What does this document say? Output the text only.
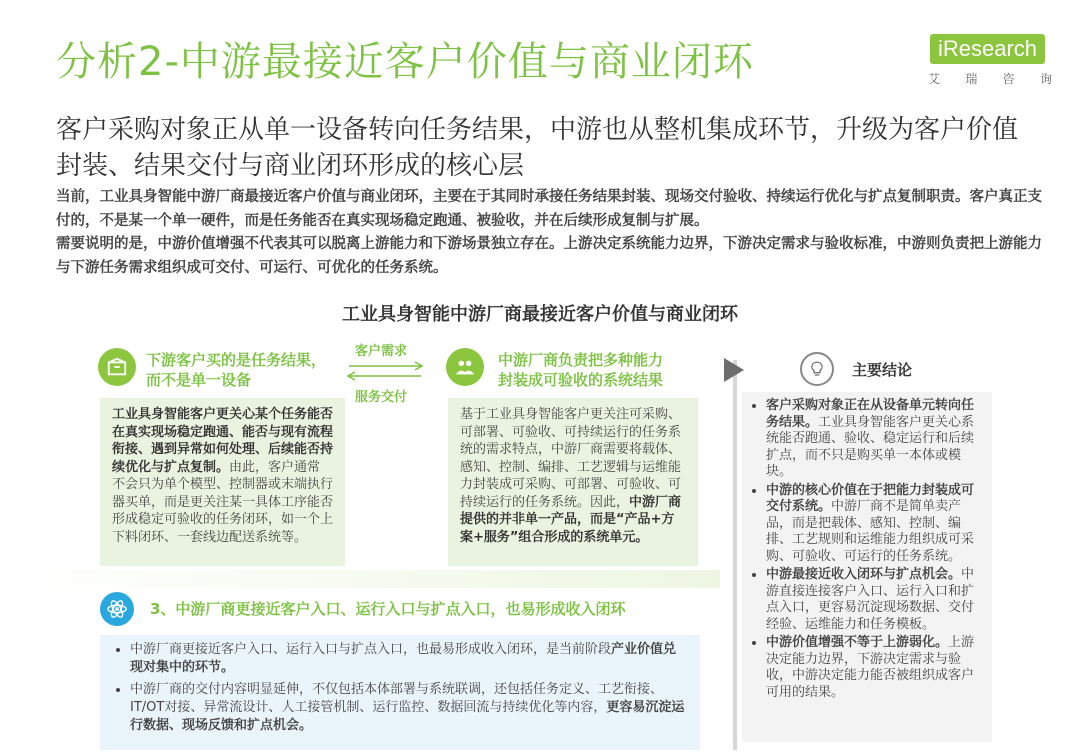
分析2-中游最接近客户价值与商业闭环	iResearch
艾 瑞 咨 询
客户采购对象正从单一设备转向任务结果，中游也从整机集成环节，升级为客户价值封装、结果交付与商业闭环形成的核心层

当前，工业具身智能中游厂商最接近客户价值与商业闭环，主要在于其同时承接任务结果封装、现场交付验收、持续运行优化与扩点复制职责。客户真正支付的，不是某一个单一硬件，而是任务能否在真实现场稳定跑通、被验收，并在后续形成复制与扩展。

需要说明的是，中游价值增强不代表其可以脱离上游能力和下游场景独立存在。上游决定系统能力边界，下游决定需求与验收标准，中游则负责把上游能力与下游任务需求组织成可交付、可运行、可优化的任务系统。

工业具身智能中游厂商最接近客户价值与商业闭环
下游客户买的是任务结果，
而不是单一设备
工业具身智能客户更关心某个任务能否在真实现场稳定跑通、能否与现有流程衔接、遇到异常如何处理、后续能否持续优化与扩点复制。由此，客户通常不会只为单个模型、控制器或末端执行器买单，而是更关注某一具体工序能否形成稳定可验收的任务闭环，如一个上下料闭环、一套线边配送系统等。
客户需求
服务交付
中游厂商负责把多种能力
封装成可验收的系统结果
基于工业具身智能客户更关注可采购、可部署、可验收、可持续运行的任务系统的需求特点，中游厂商需要将载体、感知、控制、编排、工艺逻辑与运维能力封装成可采购、可部署、可验收、可持续运行的任务系统。因此，中游厂商提供的并非单一产品，而是“产品+方案+服务”组合形成的系统单元。
3、中游厂商更接近客户入口、运行入口与扩点入口，也易形成收入闭环
• 中游厂商更接近客户入口、运行入口与扩点入口，也最易形成收入闭环，是当前阶段产业价值兑现对集中的环节。
• 中游厂商的交付内容明显延伸，不仅包括本体部署与系统联调，还包括任务定义、工艺衔接、IT/OT对接、异常流设计、人工接管机制、运行监控、数据回流与持续优化等内容，更容易沉淀运行数据、现场反馈和扩点机会。
主要结论
• 客户采购对象正在从设备单元转向任务结果。工业具身智能客户更关心系统能否跑通、验收、稳定运行和后续扩点，而不只是购买单一本体或模块。
• 中游的核心价值在于把能力封装成可交付系统。中游厂商不是简单卖产品，而是把载体、感知、控制、编排、工艺规则和运维能力组织成可采购、可验收、可运行的任务系统。
• 中游最接近收入闭环与扩点机会。中游直接连接客户入口、运行入口和扩点入口，更容易沉淀现场数据、交付经验、运维能力和任务模板。
• 中游价值增强不等于上游弱化。上游决定能力边界，下游决定需求与验收，中游决定能力能否被组织成客户可用的结果。
